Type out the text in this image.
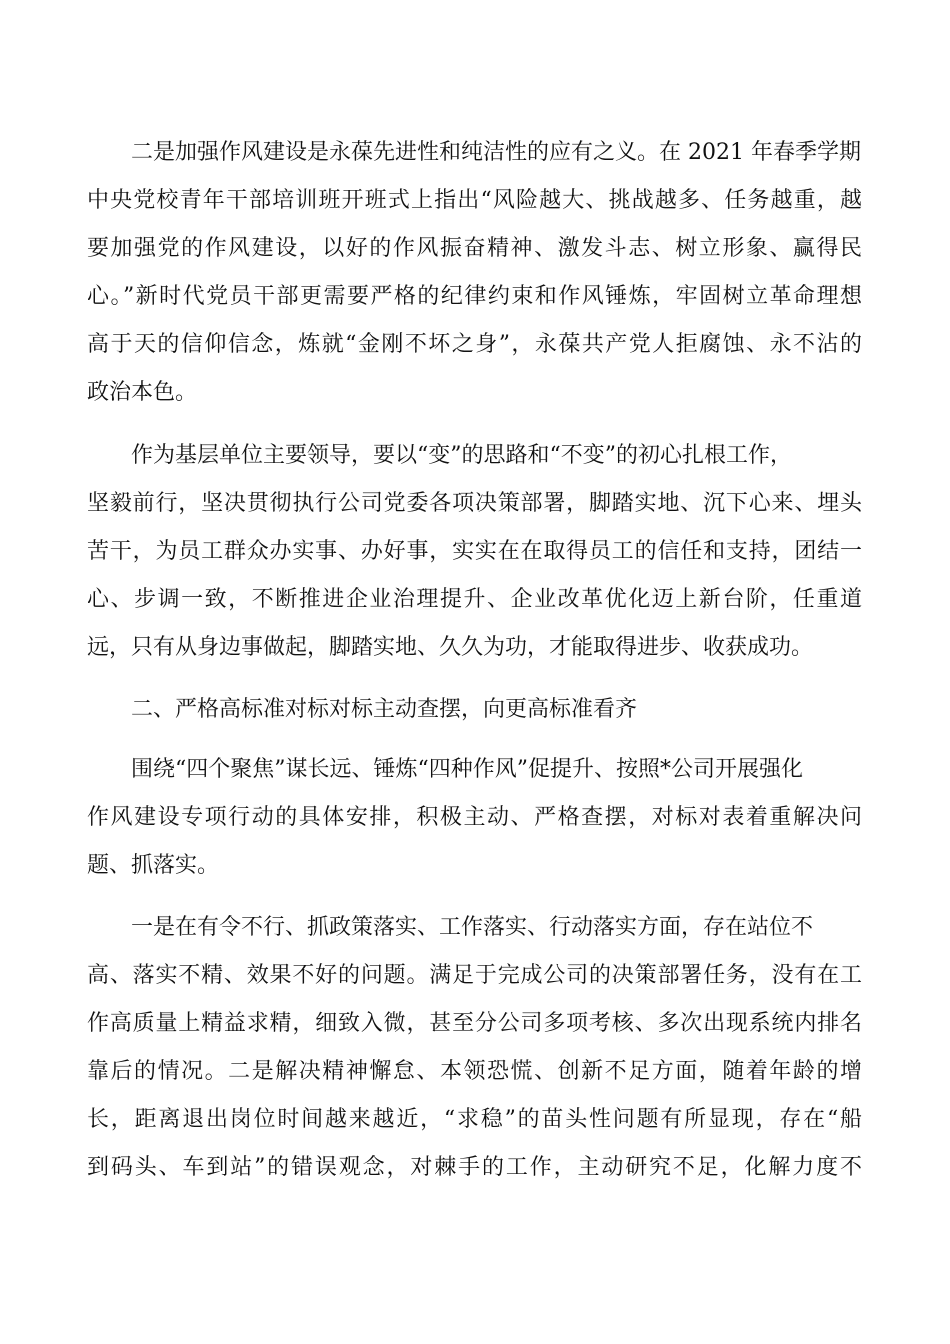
二是加强作风建设是永葆先进性和纯洁性的应有之义。在 2021 年春季学期
中央党校青年干部培训班开班式上指出“风险越大、挑战越多、任务越重，越
要加强党的作风建设，以好的作风振奋精神、激发斗志、树立形象、赢得民
心。”新时代党员干部更需要严格的纪律约束和作风锤炼，牢固树立革命理想
高于天的信仰信念，炼就“金刚不坏之身”，永葆共产党人拒腐蚀、永不沾的
政治本色。
作为基层单位主要领导，要以“变”的思路和“不变”的初心扎根工作，
坚毅前行，坚决贯彻执行公司党委各项决策部署，脚踏实地、沉下心来、埋头
苦干，为员工群众办实事、办好事，实实在在取得员工的信任和支持，团结一
心、步调一致，不断推进企业治理提升、企业改革优化迈上新台阶，任重道
远，只有从身边事做起，脚踏实地、久久为功，才能取得进步、收获成功。
二、严格高标准对标对标主动查摆，向更高标准看齐
围绕“四个聚焦”谋长远、锤炼“四种作风”促提升、按照*公司开展强化
作风建设专项行动的具体安排，积极主动、严格查摆，对标对表着重解决问
题、抓落实。
一是在有令不行、抓政策落实、工作落实、行动落实方面，存在站位不
高、落实不精、效果不好的问题。满足于完成公司的决策部署任务，没有在工
作高质量上精益求精，细致入微，甚至分公司多项考核、多次出现系统内排名
靠后的情况。二是解决精神懈怠、本领恐慌、创新不足方面，随着年龄的增
长，距离退出岗位时间越来越近，“求稳”的苗头性问题有所显现，存在“船
到码头、车到站”的错误观念，对棘手的工作，主动研究不足，化解力度不
